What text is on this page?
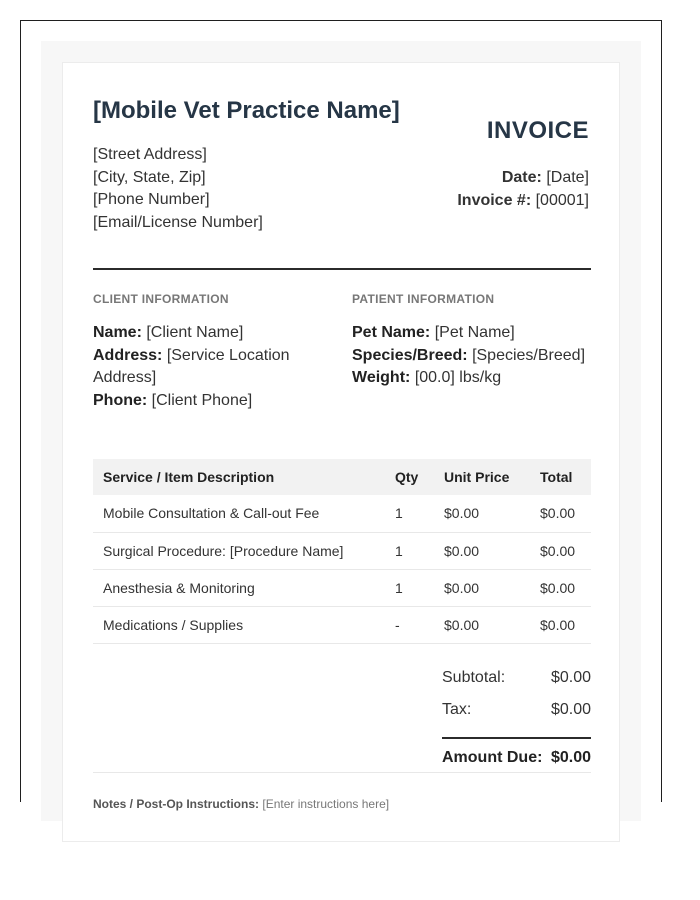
[Mobile Vet Practice Name]
[Street Address]
[City, State, Zip]
[Phone Number]
[Email/License Number]
INVOICE
Date: [Date]
Invoice #: [00001]
CLIENT INFORMATION	PATIENT INFORMATION
Name: [Client Name]
Address: [Service Location Address]
Phone: [Client Phone]
Pet Name: [Pet Name]
Species/Breed: [Species/Breed]
Weight: [00.0] lbs/kg
Service / Item Description	Qty	Unit Price	Total
Mobile Consultation & Call-out Fee	1	$0.00	$0.00
Surgical Procedure: [Procedure Name]	1	$0.00	$0.00
Anesthesia & Monitoring	1	$0.00	$0.00
Medications / Supplies	-	$0.00	$0.00
Subtotal:	$0.00
Tax:	$0.00
Amount Due: $0.00
Notes / Post-Op Instructions: [Enter instructions here]
